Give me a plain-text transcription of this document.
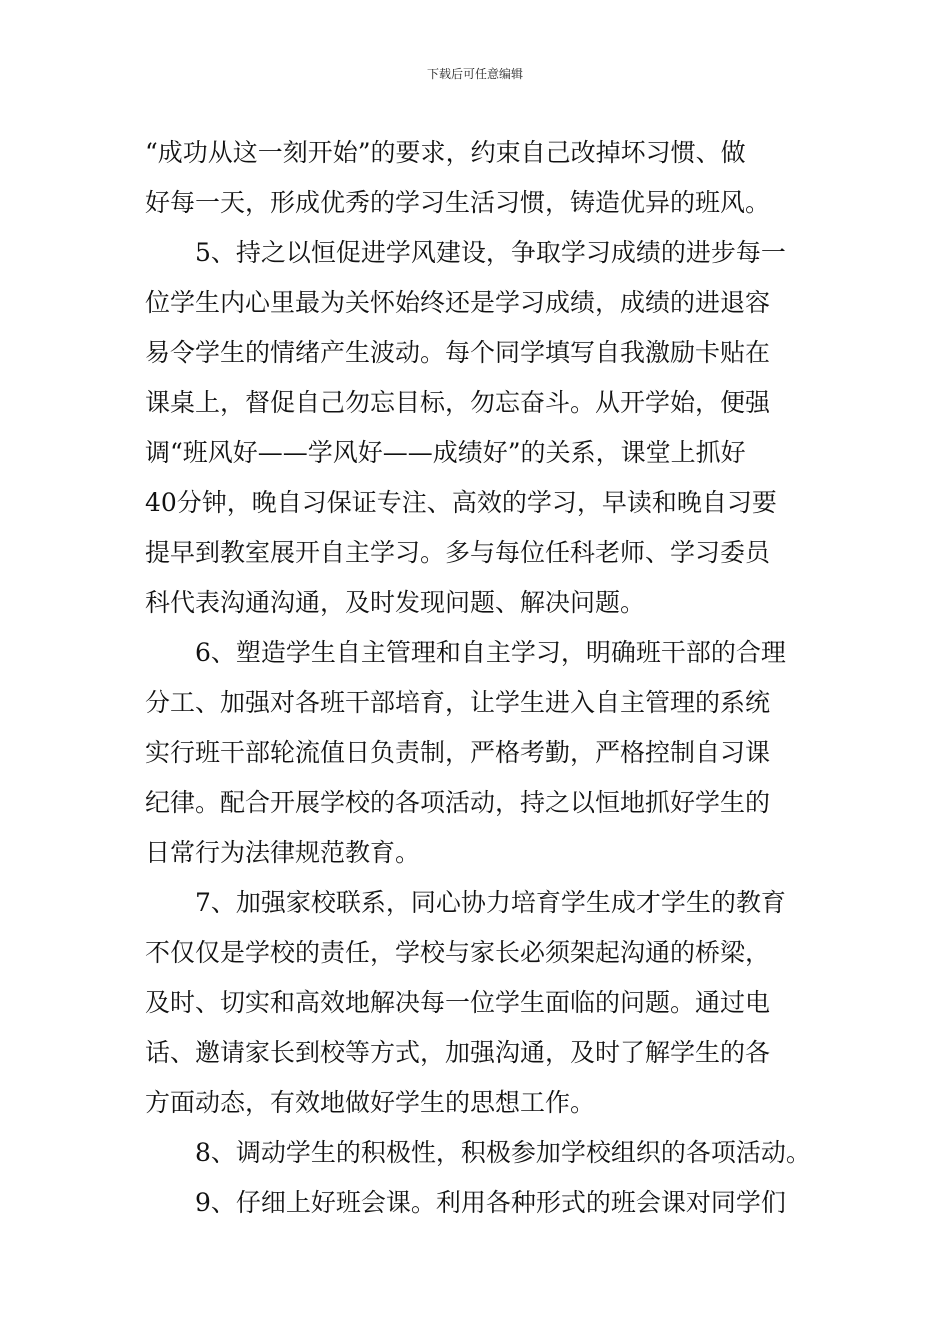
下载后可任意编辑
“成功从这一刻开始”的要求，约束自己改掉坏习惯、做
好每一天，形成优秀的学习生活习惯，铸造优异的班风。
5、持之以恒促进学风建设，争取学习成绩的进步每一
位学生内心里最为关怀始终还是学习成绩，成绩的进退容
易令学生的情绪产生波动。每个同学填写自我激励卡贴在
课桌上，督促自己勿忘目标，勿忘奋斗。从开学始，便强
调“班风好——学风好——成绩好”的关系，课堂上抓好
40分钟，晚自习保证专注、高效的学习，早读和晚自习要
提早到教室展开自主学习。多与每位任科老师、学习委员
科代表沟通沟通，及时发现问题、解决问题。
6、塑造学生自主管理和自主学习，明确班干部的合理
分工、加强对各班干部培育，让学生进入自主管理的系统
实行班干部轮流值日负责制，严格考勤，严格控制自习课
纪律。配合开展学校的各项活动，持之以恒地抓好学生的
日常行为法律规范教育。
7、加强家校联系，同心协力培育学生成才学生的教育
不仅仅是学校的责任，学校与家长必须架起沟通的桥梁，
及时、切实和高效地解决每一位学生面临的问题。通过电
话、邀请家长到校等方式，加强沟通，及时了解学生的各
方面动态，有效地做好学生的思想工作。
8、调动学生的积极性，积极参加学校组织的各项活动。
9、仔细上好班会课。利用各种形式的班会课对同学们
